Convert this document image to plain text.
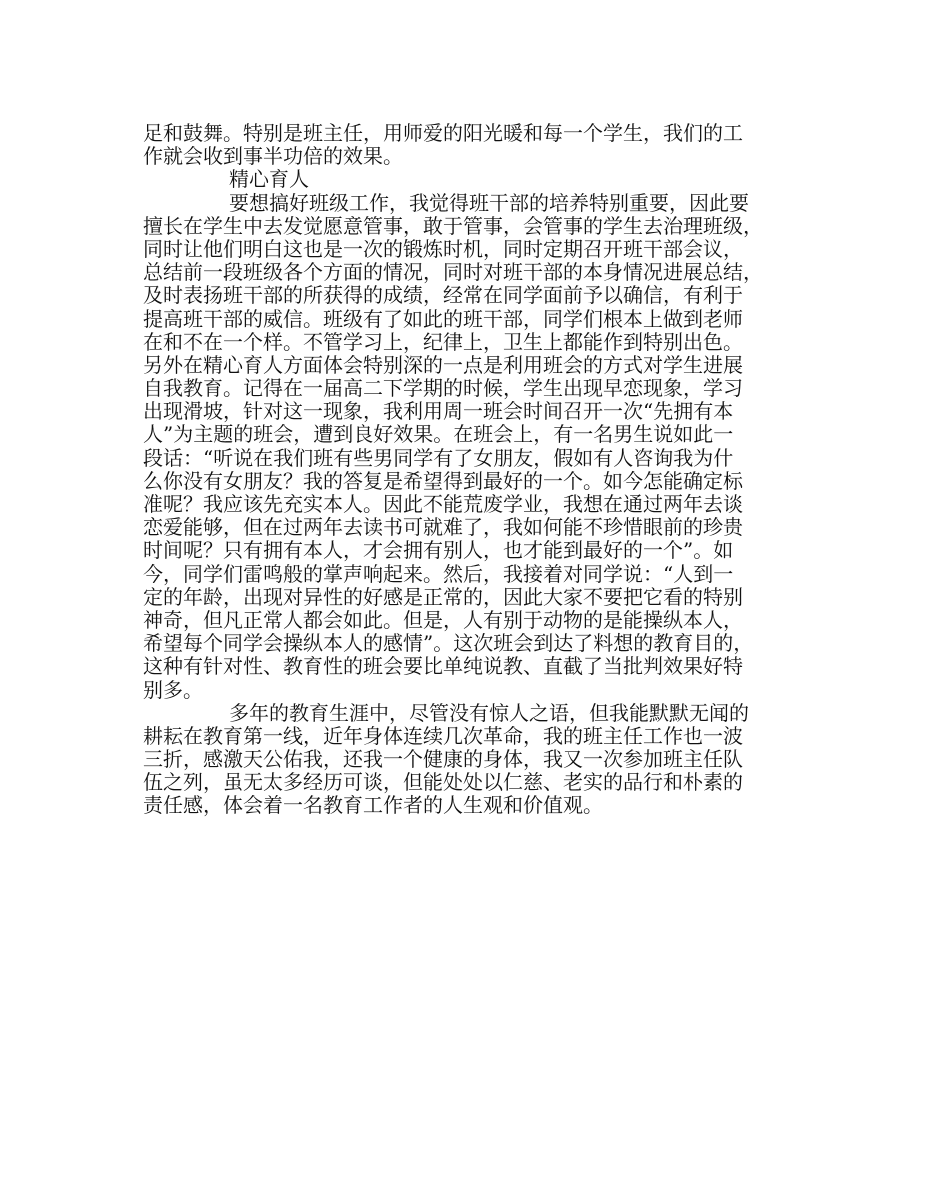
足和鼓舞。特别是班主任，用师爱的阳光暖和每一个学生，我们的工
作就会收到事半功倍的效果。
精心育人
要想搞好班级工作，我觉得班干部的培养特别重要，因此要
擅长在学生中去发觉愿意管事，敢于管事，会管事的学生去治理班级，
同时让他们明白这也是一次的锻炼时机，同时定期召开班干部会议，
总结前一段班级各个方面的情况，同时对班干部的本身情况进展总结，
及时表扬班干部的所获得的成绩，经常在同学面前予以确信，有利于
提高班干部的威信。班级有了如此的班干部，同学们根本上做到老师
在和不在一个样。不管学习上，纪律上，卫生上都能作到特别出色。
另外在精心育人方面体会特别深的一点是利用班会的方式对学生进展
自我教育。记得在一届高二下学期的时候，学生出现早恋现象，学习
出现滑坡，针对这一现象，我利用周一班会时间召开一次“先拥有本
人”为主题的班会，遭到良好效果。在班会上，有一名男生说如此一
段话：“听说在我们班有些男同学有了女朋友，假如有人咨询我为什
么你没有女朋友？我的答复是希望得到最好的一个。如今怎能确定标
准呢？我应该先充实本人。因此不能荒废学业，我想在通过两年去谈
恋爱能够，但在过两年去读书可就难了，我如何能不珍惜眼前的珍贵
时间呢？只有拥有本人，才会拥有别人，也才能到最好的一个”。如
今，同学们雷鸣般的掌声响起来。然后，我接着对同学说：“人到一
定的年龄，出现对异性的好感是正常的，因此大家不要把它看的特别
神奇，但凡正常人都会如此。但是，人有别于动物的是能操纵本人，
希望每个同学会操纵本人的感情”。这次班会到达了料想的教育目的，
这种有针对性、教育性的班会要比单纯说教、直截了当批判效果好特
别多。
多年的教育生涯中，尽管没有惊人之语，但我能默默无闻的
耕耘在教育第一线，近年身体连续几次革命，我的班主任工作也一波
三折，感激天公佑我，还我一个健康的身体，我又一次参加班主任队
伍之列，虽无太多经历可谈，但能处处以仁慈、老实的品行和朴素的
责任感，体会着一名教育工作者的人生观和价值观。
